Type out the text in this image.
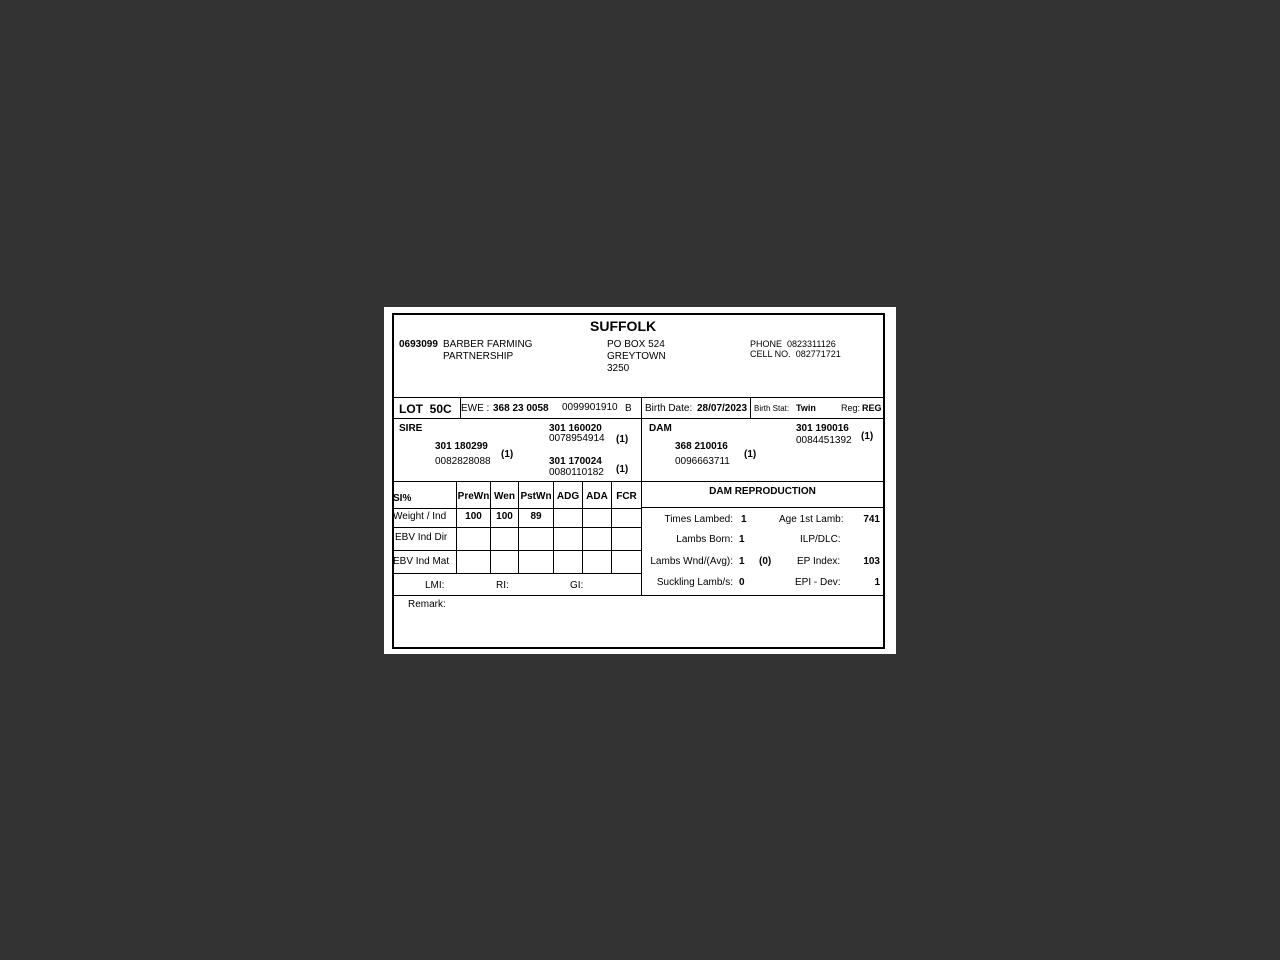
SUFFOLK
0693099 BARBER FARMING
PARTNERSHIP
PO BOX 524
GREYTOWN
3250
PHONE 0823311126
CELL NO. 082771721
LOT 50C EWE : 368 23 0058 0099901910 B Birth Date: 28/07/2023 Birth Stat: Twin	Reg: REG
SIRE
301 180299
0082828088
(1)
301 160020
0078954914 (1)
301 170024
0080110182 (1)
DAM
368 210016
0096663711
(1)
301 190016
0084451392 (1)
SI%	PreWn Wen PstWn ADG ADA FCR
Weight / Ind	100	100	89
EBV Ind Dir
EBV Ind Mat
LMI:	RI:	GI:
DAM REPRODUCTION
Times Lambed: 1	Age 1st Lamb:	741
Lambs Born: 1	ILP/DLC:
Lambs Wnd/(Avg): 1 (0)	EP Index:	103
Suckling Lamb/s: 0	EPI - Dev:	1
Remark:
